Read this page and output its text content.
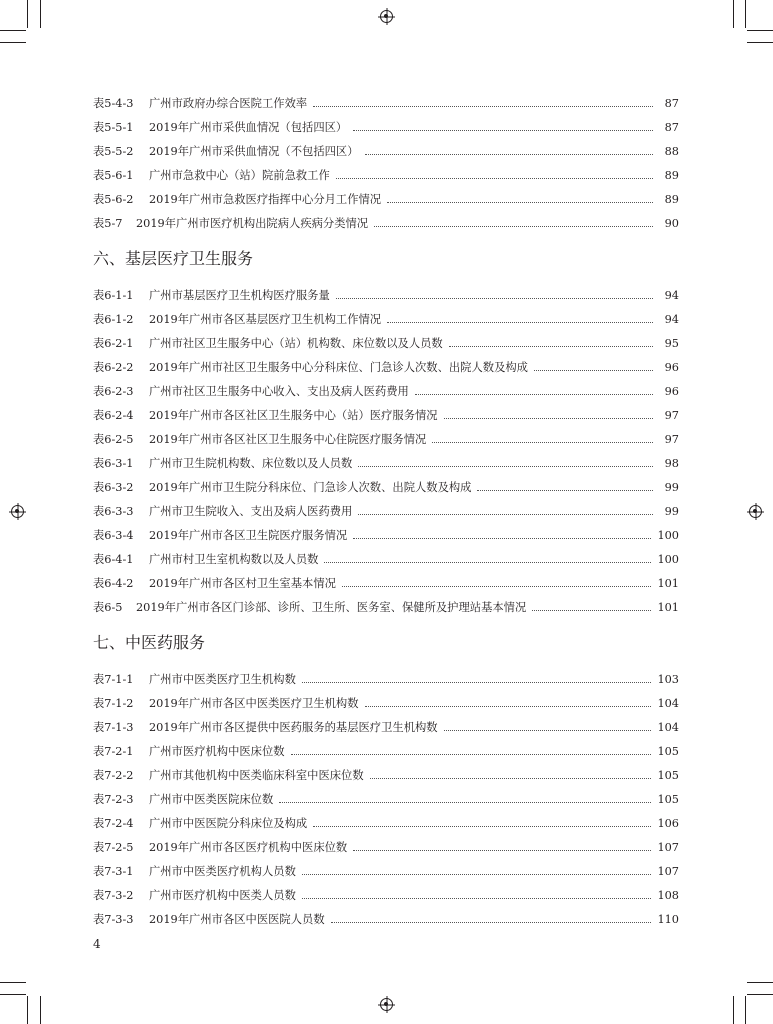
表5-4-3	广州市政府办综合医院工作效率	87
表5-5-1	2019年广州市采供血情况（包括四区）	87
表5-5-2	2019年广州市采供血情况（不包括四区）	88
表5-6-1	广州市急救中心（站）院前急救工作	89
表5-6-2	2019年广州市急救医疗指挥中心分月工作情况	89
表5-7	2019年广州市医疗机构出院病人疾病分类情况	90
六、基层医疗卫生服务
表6-1-1	广州市基层医疗卫生机构医疗服务量	94
表6-1-2	2019年广州市各区基层医疗卫生机构工作情况	94
表6-2-1	广州市社区卫生服务中心（站）机构数、床位数以及人员数	95
表6-2-2	2019年广州市社区卫生服务中心分科床位、门急诊人次数、出院人数及构成	96
表6-2-3	广州市社区卫生服务中心收入、支出及病人医药费用	96
表6-2-4	2019年广州市各区社区卫生服务中心（站）医疗服务情况	97
表6-2-5	2019年广州市各区社区卫生服务中心住院医疗服务情况	97
表6-3-1	广州市卫生院机构数、床位数以及人员数	98
表6-3-2	2019年广州市卫生院分科床位、门急诊人次数、出院人数及构成	99
表6-3-3	广州市卫生院收入、支出及病人医药费用	99
表6-3-4	2019年广州市各区卫生院医疗服务情况	100
表6-4-1	广州市村卫生室机构数以及人员数	100
表6-4-2	2019年广州市各区村卫生室基本情况	101
表6-5	2019年广州市各区门诊部、诊所、卫生所、医务室、保健所及护理站基本情况	101
七、中医药服务
表7-1-1	广州市中医类医疗卫生机构数	103
表7-1-2	2019年广州市各区中医类医疗卫生机构数	104
表7-1-3	2019年广州市各区提供中医药服务的基层医疗卫生机构数	104
表7-2-1	广州市医疗机构中医床位数	105
表7-2-2	广州市其他机构中医类临床科室中医床位数	105
表7-2-3	广州市中医类医院床位数	105
表7-2-4	广州市中医医院分科床位及构成	106
表7-2-5	2019年广州市各区医疗机构中医床位数	107
表7-3-1	广州市中医类医疗机构人员数	107
表7-3-2	广州市医疗机构中医类人员数	108
表7-3-3	2019年广州市各区中医医院人员数	110
4
